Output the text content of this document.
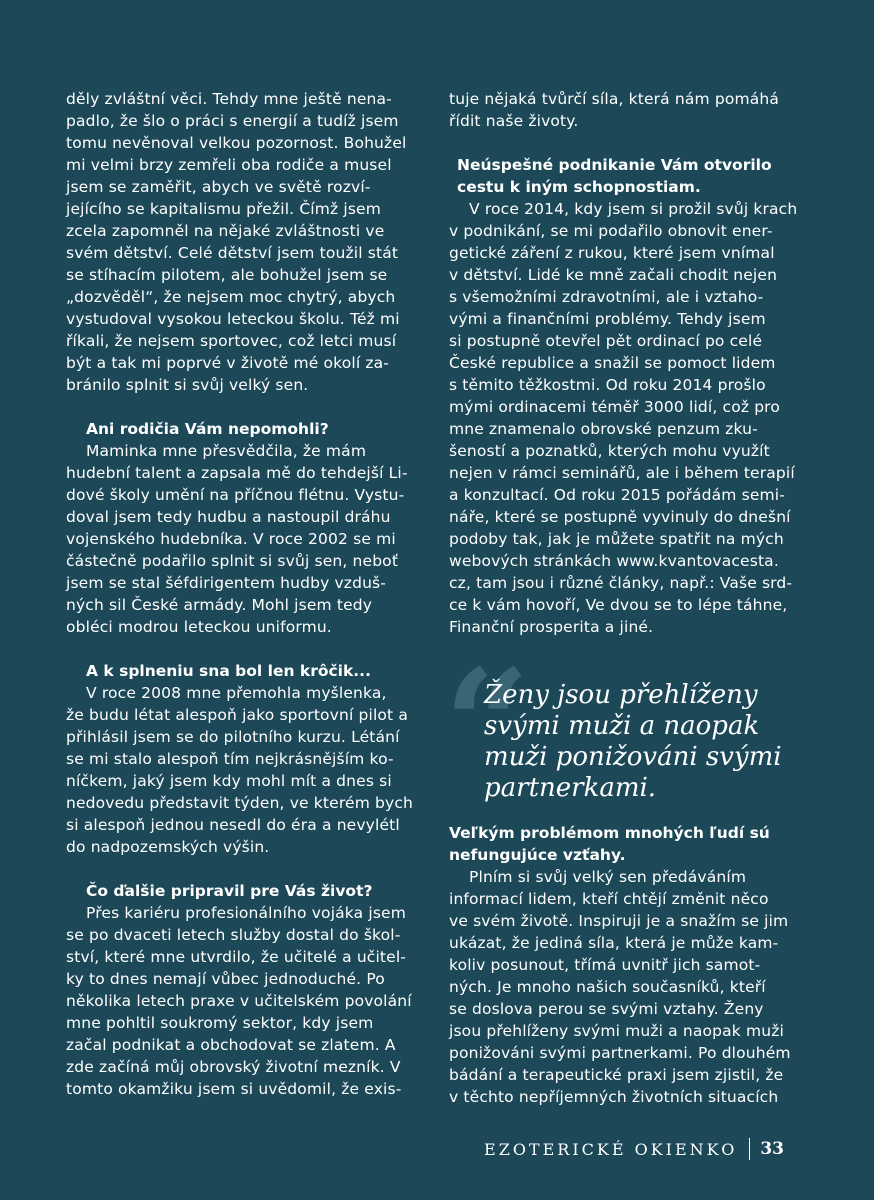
děly zvláštní věci. Tehdy mne ještě nena-
padlo, že šlo o práci s energií a tudíž jsem
tomu nevěnoval velkou pozornost. Bohužel
mi velmi brzy zemřeli oba rodiče a musel
jsem se zaměřit, abych ve světě rozví-
jejícího se kapitalismu přežil. Čímž jsem
zcela zapomněl na nějaké zvláštnosti ve
svém dětství. Celé dětství jsem toužil stát
se stíhacím pilotem, ale bohužel jsem se
„dozvěděl“, že nejsem moc chytrý, abych
vystudoval vysokou leteckou školu. Též mi
říkali, že nejsem sportovec, což letci musí
být a tak mi poprvé v životě mé okolí za-
bránilo splnit si svůj velký sen.
Ani rodičia Vám nepomohli?
Maminka mne přesvědčila, že mám
hudební talent a zapsala mě do tehdejší Li-
dové školy umění na příčnou flétnu. Vystu-
doval jsem tedy hudbu a nastoupil dráhu
vojenského hudebníka. V roce 2002 se mi
částečně podařilo splnit si svůj sen, neboť
jsem se stal šéfdirigentem hudby vzduš-
ných sil České armády. Mohl jsem tedy
obléci modrou leteckou uniformu.
A k splneniu sna bol len krôčik...
V roce 2008 mne přemohla myšlenka,
že budu létat alespoň jako sportovní pilot a
přihlásil jsem se do pilotního kurzu. Létání
se mi stalo alespoň tím nejkrásnějším ko-
níčkem, jaký jsem kdy mohl mít a dnes si
nedovedu představit týden, ve kterém bych
si alespoň jednou nesedl do éra a nevylétl
do nadpozemských výšin.
Čo ďalšie pripravil pre Vás život?
Přes kariéru profesionálního vojáka jsem
se po dvaceti letech služby dostal do škol-
ství, které mne utvrdilo, že učitelé a učitel-
ky to dnes nemají vůbec jednoduché. Po
několika letech praxe v učitelském povolání
mne pohltil soukromý sektor, kdy jsem
začal podnikat a obchodovat se zlatem. A
zde začíná můj obrovský životní mezník. V
tomto okamžiku jsem si uvědomil, že exis-
tuje nějaká tvůrčí síla, která nám pomáhá
řídit naše životy.
Neúspešné podnikanie Vám otvorilo
cestu k iným schopnostiam.
V roce 2014, kdy jsem si prožil svůj krach
v podnikání, se mi podařilo obnovit ener-
getické záření z rukou, které jsem vnímal
v dětství. Lidé ke mně začali chodit nejen
s všemožními zdravotními, ale i vztaho-
vými a finančními problémy. Tehdy jsem
si postupně otevřel pět ordinací po celé
České republice a snažil se pomoct lidem
s těmito těžkostmi. Od roku 2014 prošlo
mými ordinacemi téměř 3000 lidí, což pro
mne znamenalo obrovské penzum zku-
šeností a poznatků, kterých mohu využít
nejen v rámci seminářů, ale i během terapií
a konzultací. Od roku 2015 pořádám semi-
náře, které se postupně vyvinuly do dnešní
podoby tak, jak je můžete spatřit na mých
webových stránkách www.kvantovacesta.
cz, tam jsou i různé články, např.: Vaše srd-
ce k vám hovoří, Ve dvou se to lépe táhne,
Finanční prosperita a jiné.
“
Ženy jsou přehlíženy
svými muži a naopak
muži ponižováni svými
partnerkami.
Veľkým problémom mnohých ľudí sú
nefungujúce vzťahy.
Plním si svůj velký sen předáváním
informací lidem, kteří chtějí změnit něco
ve svém životě. Inspiruji je a snažím se jim
ukázat, že jediná síla, která je může kam-
koliv posunout, třímá uvnitř jich samot-
ných. Je mnoho našich současníků, kteří
se doslova perou se svými vztahy. Ženy
jsou přehlíženy svými muži a naopak muži
ponižováni svými partnerkami. Po dlouhém
bádání a terapeutické praxi jsem zjistil, že
v těchto nepříjemných životních situacích
EZOTERICKÉ OKIENKO 33
